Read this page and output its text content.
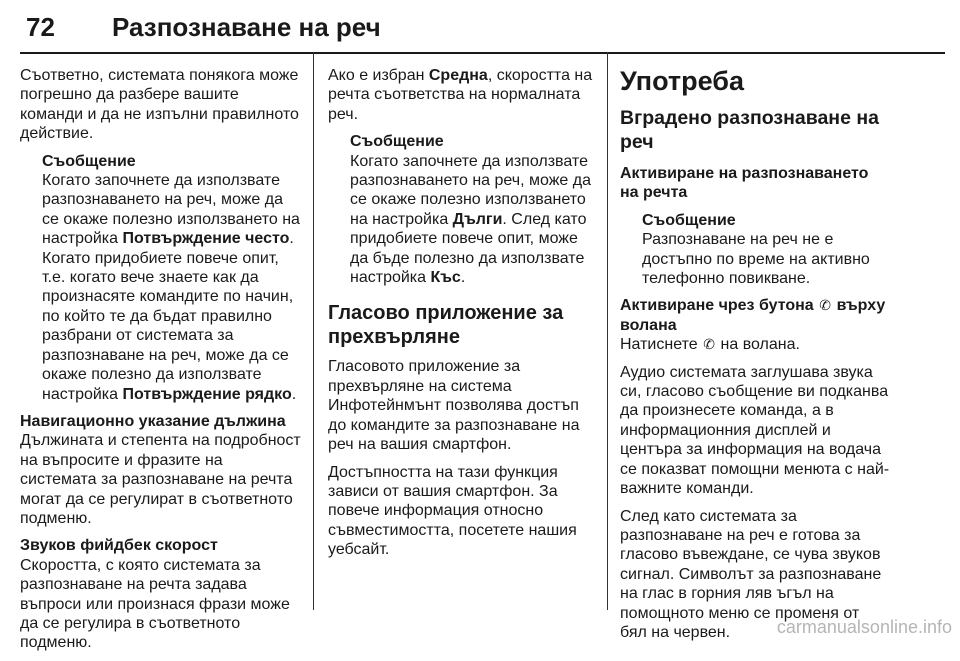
72 Разпознаване на реч

Съответно, системата понякога може погрешно да разбере вашите команди и да не изпълни правилното действие.

Съобщение
Когато започнете да използвате разпознаването на реч, може да се окаже полезно използването на настройка Потвърждение често. Когато придобиете повече опит, т.е. когато вече знаете как да произнасяте командите по начин, по който те да бъдат правилно разбрани от системата за разпознаване на реч, може да се окаже полезно да използвате настройка Потвърждение рядко.

Навигационно указание дължина
Дължината и степента на подробност на въпросите и фразите на системата за разпознаване на речта могат да се регулират в съответното подменю.

Звуков фийдбек скорост
Скоростта, с която системата за разпознаване на речта задава въпроси или произнася фрази може да се регулира в съответното подменю.

Ако е избран Средна, скоростта на речта съответства на нормалната реч.

Съобщение
Когато започнете да използвате разпознаването на реч, може да се окаже полезно използването на настройка Дълги. След като придобиете повече опит, може да бъде полезно да използвате настройка Къс.
Гласово приложение за прехвърляне

Гласовото приложение за прехвърляне на система Инфотейнмънт позволява достъп до командите за разпознаване на реч на вашия смартфон.

Достъпността на тази функция зависи от вашия смартфон. За повече информация относно съвместимостта, посетете нашия уебсайт.

Употреба
Вградено разпознаване на реч
Активиране на разпознаването на речта
Съобщение
Разпознаване на реч не е достъпно по време на активно телефонно повикване.

Активиране чрез бутона ✆ върху волана
Натиснете ✆ на волана.

Аудио системата заглушава звука си, гласово съобщение ви подканва да произнесете команда, а в информационния дисплей и центъра за информация на водача се показват помощни менюта с най-важните команди.

След като системата за разпознаване на реч е готова за гласово въвеждане, се чува звуков сигнал. Символът за разпознаване на глас в горния ляв ъгъл на помощното меню се променя от бял на червен.	carmanualsonline.info
